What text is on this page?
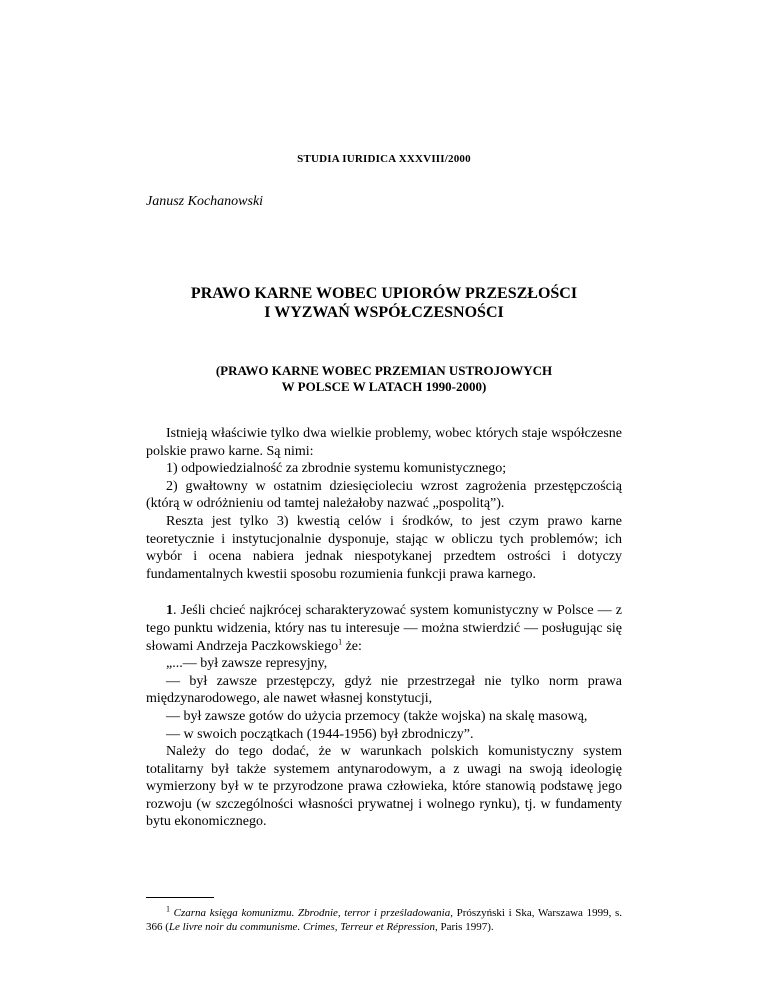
STUDIA IURIDICA XXXVIII/2000
Janusz Kochanowski
PRAWO KARNE WOBEC UPIORÓW PRZESZŁOŚCI
I WYZWAŃ WSPÓŁCZESNOŚCI
(PRAWO KARNE WOBEC PRZEMIAN USTROJOWYCH
W POLSCE W LATACH 1990-2000)

Istnieją właściwie tylko dwa wielkie problemy, wobec których staje współczesne polskie prawo karne. Są nimi:

1) odpowiedzialność za zbrodnie systemu komunistycznego;

2) gwałtowny w ostatnim dziesięcioleciu wzrost zagrożenia przestępczością (którą w odróżnieniu od tamtej należałoby nazwać „pospolitą”).

Reszta jest tylko 3) kwestią celów i środków, to jest czym prawo karne teoretycznie i instytucjonalnie dysponuje, stając w obliczu tych problemów; ich wybór i ocena nabiera jednak niespotykanej przedtem ostrości i dotyczy fundamentalnych kwestii sposobu rozumienia funkcji prawa karnego.

1. Jeśli chcieć najkrócej scharakteryzować system komunistyczny w Polsce — z tego punktu widzenia, który nas tu interesuje — można stwierdzić — posługując się słowami Andrzeja Paczkowskiego$^1$ że:

„...— był zawsze represyjny,

— był zawsze przestępczy, gdyż nie przestrzegał nie tylko norm prawa międzynarodowego, ale nawet własnej konstytucji,

— był zawsze gotów do użycia przemocy (także wojska) na skalę masową,

— w swoich początkach (1944-1956) był zbrodniczy”.

Należy do tego dodać, że w warunkach polskich komunistyczny system totalitarny był także systemem antynarodowym, a z uwagi na swoją ideologię wymierzony był w te przyrodzone prawa człowieka, które stanowią podstawę jego rozwoju (w szczególności własności prywatnej i wolnego rynku), tj. w fundamenty bytu ekonomicznego.

$^1$ Czarna księga komunizmu. Zbrodnie, terror i prześladowania, Prószyński i Ska, Warszawa 1999, s. 366 (Le livre noir du communisme. Crimes, Terreur et Répression, Paris 1997).
